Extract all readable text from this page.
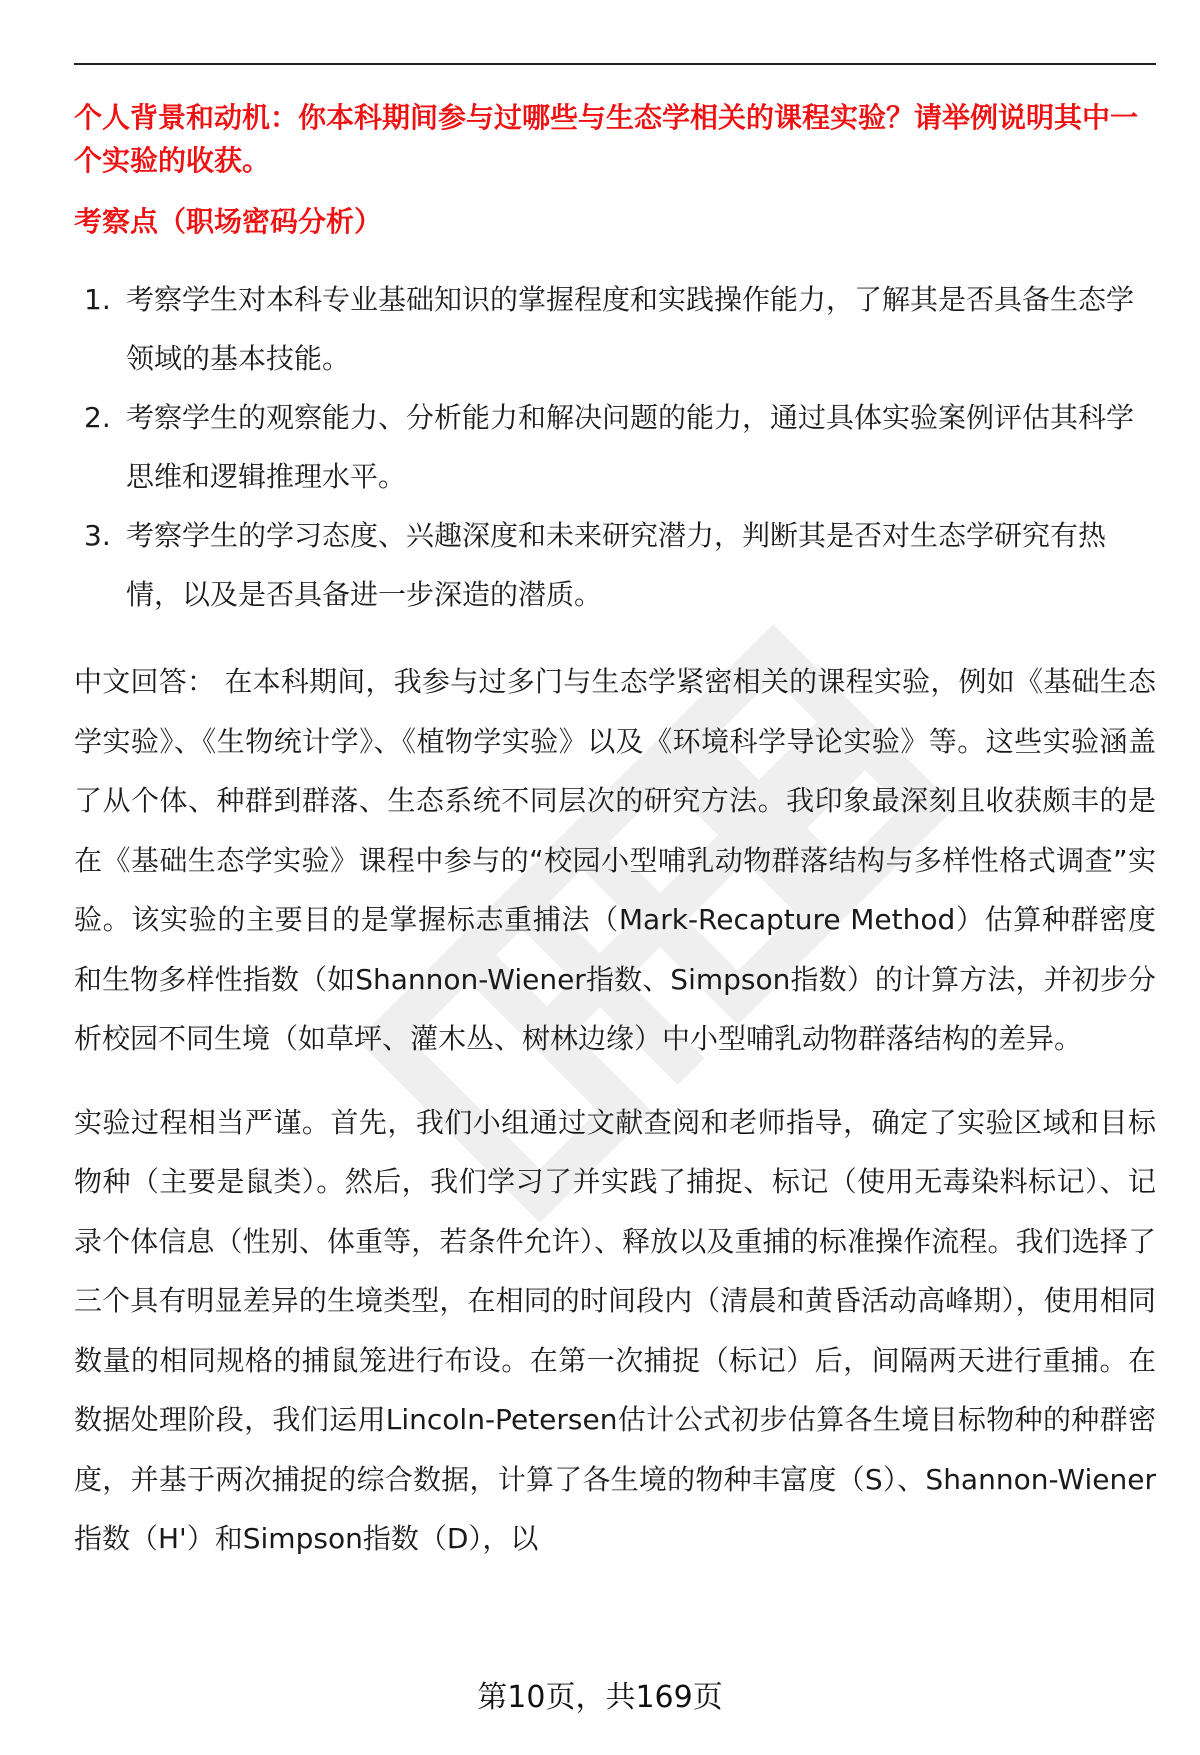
个人背景和动机：你本科期间参与过哪些与生态学相关的课程实验？请举例说明其中一个实验的收获。

考察点（职场密码分析）

1. 考察学生对本科专业基础知识的掌握程度和实践操作能力，了解其是否具备生态学领域的基本技能。
2. 考察学生的观察能力、分析能力和解决问题的能力，通过具体实验案例评估其科学思维和逻辑推理水平。
3. 考察学生的学习态度、兴趣深度和未来研究潜力，判断其是否对生态学研究有热情，以及是否具备进一步深造的潜质。

中文回答： 在本科期间，我参与过多门与生态学紧密相关的课程实验，例如《基础生态学实验》、《生物统计学》、《植物学实验》以及《环境科学导论实验》等。这些实验涵盖了从个体、种群到群落、生态系统不同层次的研究方法。我印象最深刻且收获颇丰的是在《基础生态学实验》课程中参与的“校园小型哺乳动物群落结构与多样性格式调查”实验。该实验的主要目的是掌握标志重捕法（Mark-Recapture Method）估算种群密度和生物多样性指数（如Shannon-Wiener指数、Simpson指数）的计算方法，并初步分析校园不同生境（如草坪、灌木丛、树林边缘）中小型哺乳动物群落结构的差异。

实验过程相当严谨。首先，我们小组通过文献查阅和老师指导，确定了实验区域和目标物种（主要是鼠类）。然后，我们学习了并实践了捕捉、标记（使用无毒染料标记）、记录个体信息（性别、体重等，若条件允许）、释放以及重捕的标准操作流程。我们选择了三个具有明显差异的生境类型，在相同的时间段内（清晨和黄昏活动高峰期），使用相同数量的相同规格的捕鼠笼进行布设。在第一次捕捉（标记）后，间隔两天进行重捕。在数据处理阶段，我们运用Lincoln-Petersen估计公式初步估算各生境目标物种的种群密度，并基于两次捕捉的综合数据，计算了各生境的物种丰富度（S）、Shannon-Wiener指数（H'）和Simpson指数（D），以

第10页，共169页
